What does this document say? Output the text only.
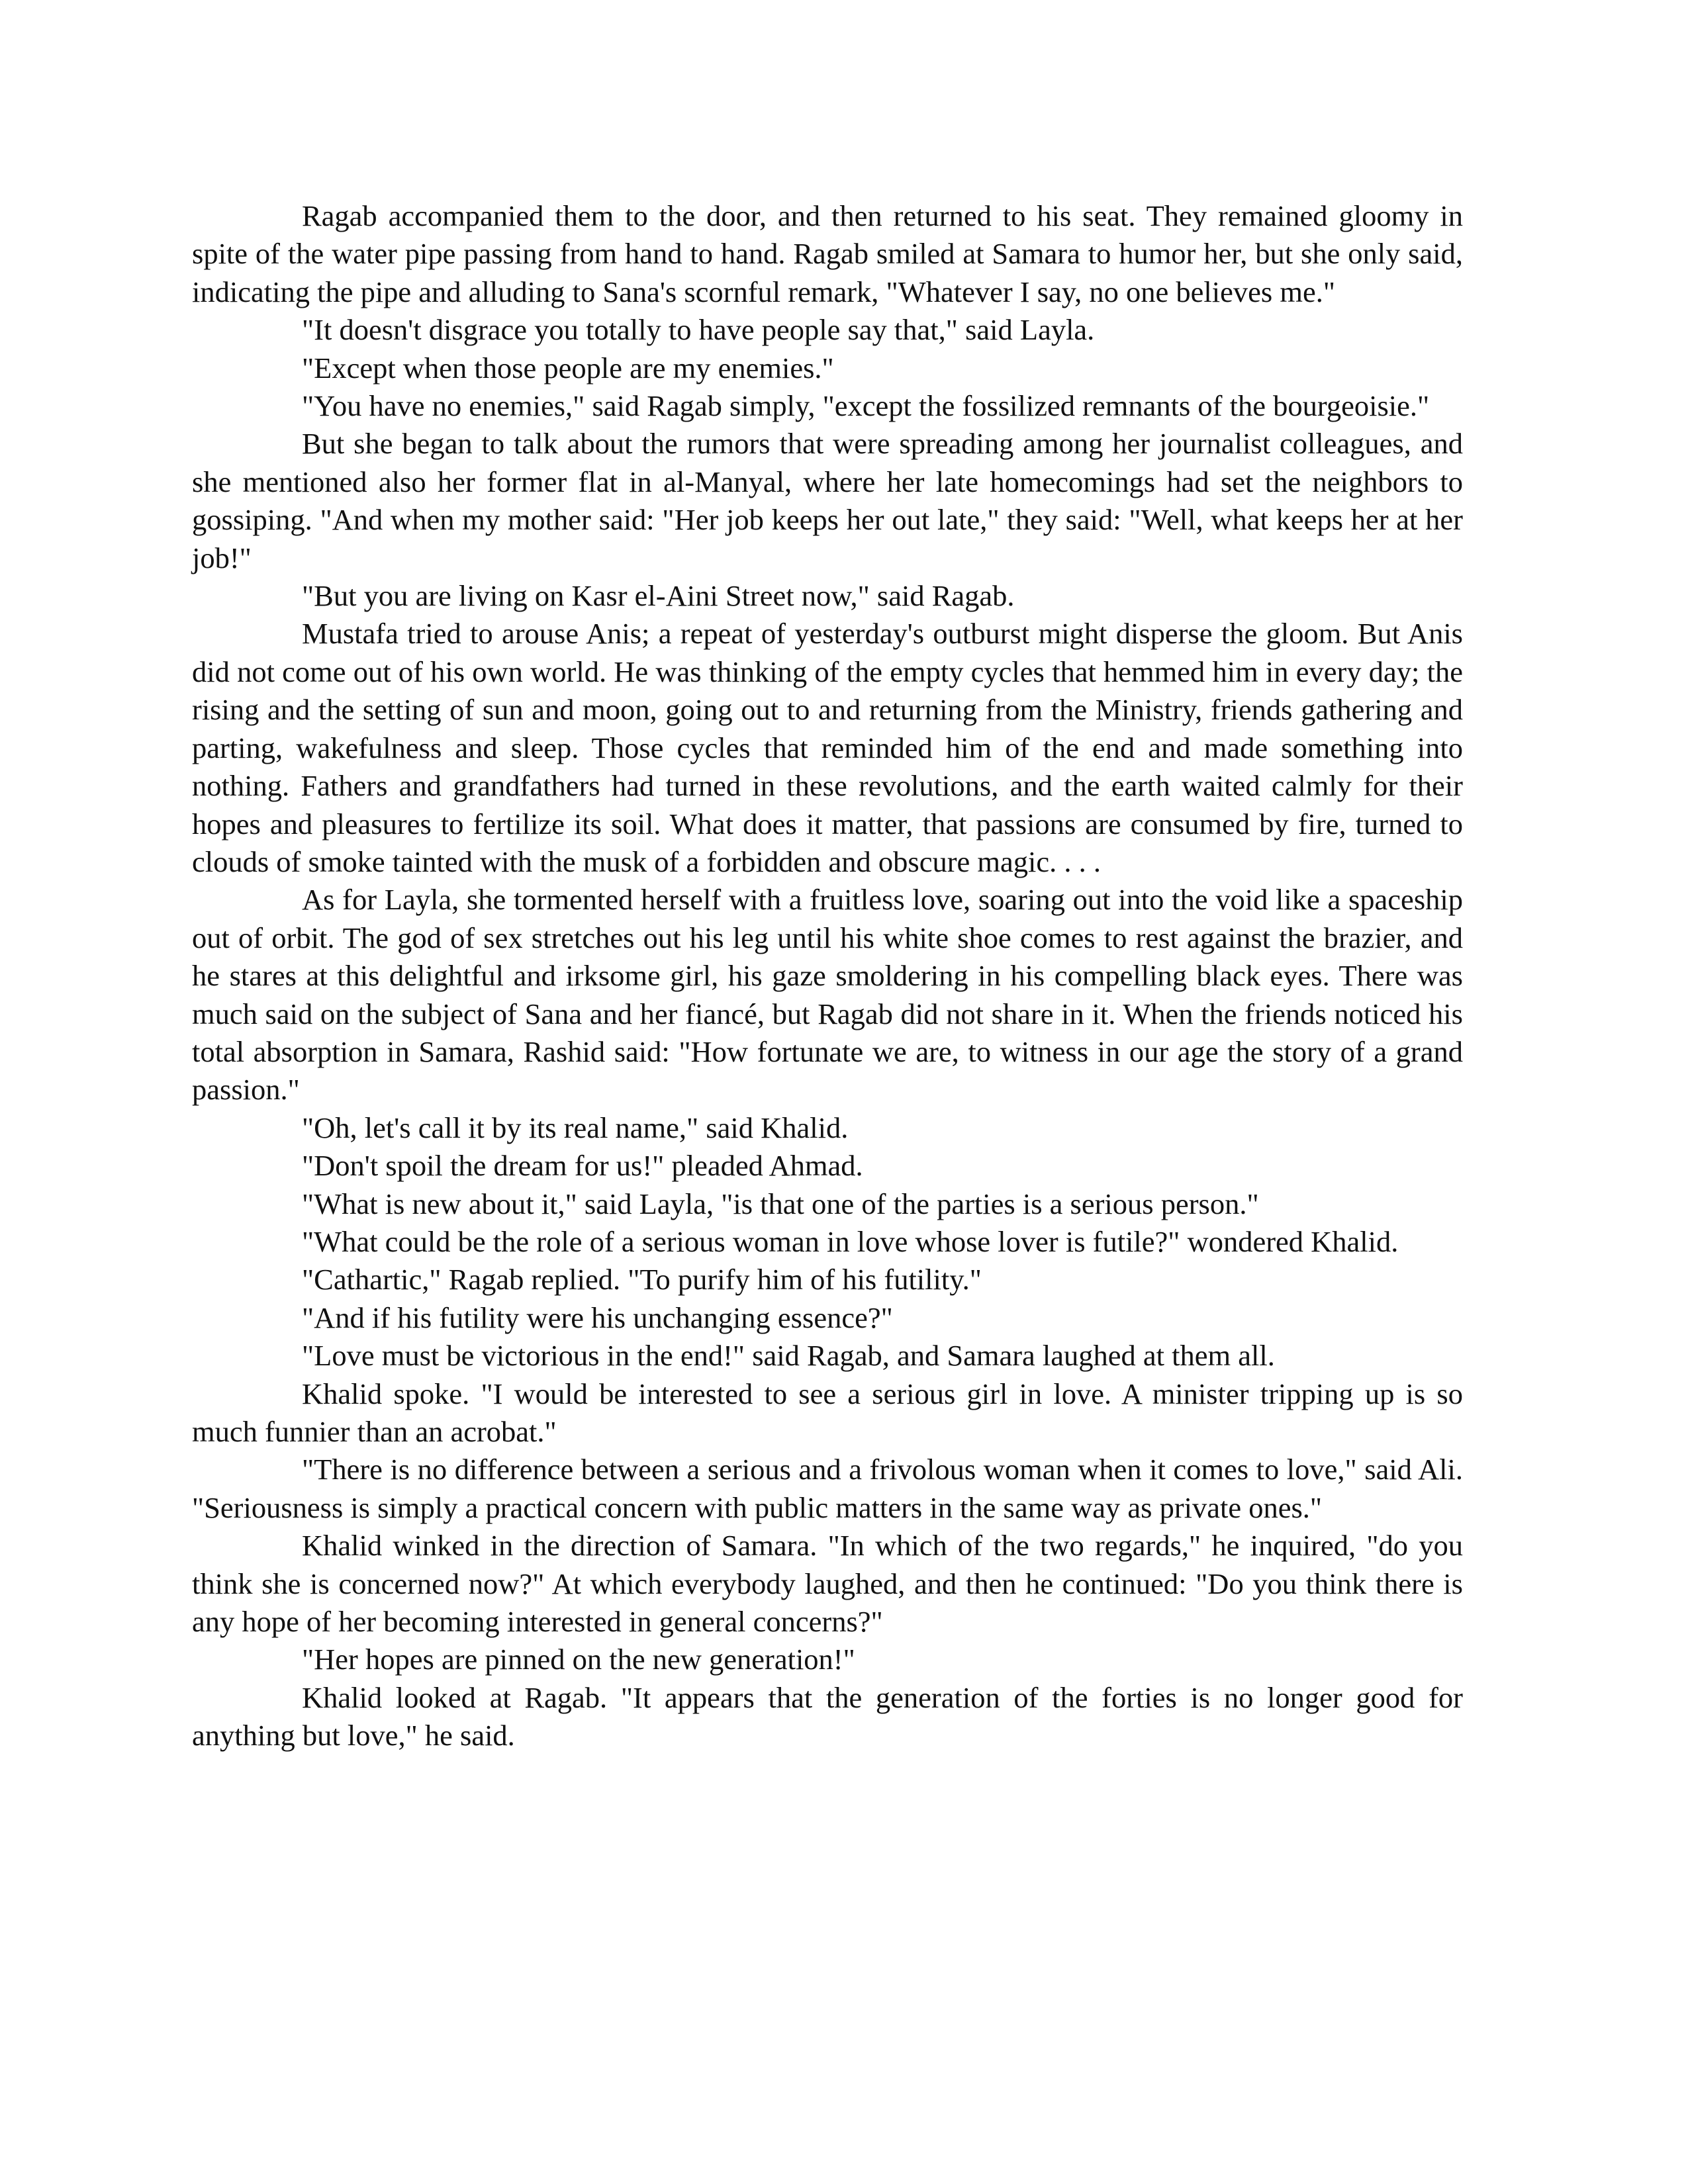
Ragab accompanied them to the door, and then returned to his seat. They remained gloomy in spite of the water pipe passing from hand to hand. Ragab smiled at Samara to humor her, but she only said, indicating the pipe and alluding to Sana's scornful remark, "Whatever I say, no one believes me."

"It doesn't disgrace you totally to have people say that," said Layla.

"Except when those people are my enemies."

"You have no enemies," said Ragab simply, "except the fossilized remnants of the bourgeoisie."

But she began to talk about the rumors that were spreading among her journalist colleagues, and she mentioned also her former flat in al-Manyal, where her late homecomings had set the neighbors to gossiping. "And when my mother said: "Her job keeps her out late," they said: "Well, what keeps her at her job!"

"But you are living on Kasr el-Aini Street now," said Ragab.

Mustafa tried to arouse Anis; a repeat of yesterday's outburst might disperse the gloom. But Anis did not come out of his own world. He was thinking of the empty cycles that hemmed him in every day; the rising and the setting of sun and moon, going out to and returning from the Ministry, friends gathering and parting, wakefulness and sleep. Those cycles that reminded him of the end and made something into nothing. Fathers and grandfathers had turned in these revolutions, and the earth waited calmly for their hopes and pleasures to fertilize its soil. What does it matter, that passions are consumed by fire, turned to clouds of smoke tainted with the musk of a forbidden and obscure magic. . . .

As for Layla, she tormented herself with a fruitless love, soaring out into the void like a spaceship out of orbit. The god of sex stretches out his leg until his white shoe comes to rest against the brazier, and he stares at this delightful and irksome girl, his gaze smoldering in his compelling black eyes. There was much said on the subject of Sana and her fiancé, but Ragab did not share in it. When the friends noticed his total absorption in Samara, Rashid said: "How fortunate we are, to witness in our age the story of a grand passion."

"Oh, let's call it by its real name," said Khalid.

"Don't spoil the dream for us!" pleaded Ahmad.

"What is new about it," said Layla, "is that one of the parties is a serious person."

"What could be the role of a serious woman in love whose lover is futile?" wondered Khalid.

"Cathartic," Ragab replied. "To purify him of his futility."

"And if his futility were his unchanging essence?"

"Love must be victorious in the end!" said Ragab, and Samara laughed at them all.

Khalid spoke. "I would be interested to see a serious girl in love. A minister tripping up is so much funnier than an acrobat."

"There is no difference between a serious and a frivolous woman when it comes to love," said Ali. "Seriousness is simply a practical concern with public matters in the same way as private ones."

Khalid winked in the direction of Samara. "In which of the two regards," he inquired, "do you think she is concerned now?" At which everybody laughed, and then he continued: "Do you think there is any hope of her becoming interested in general concerns?"

"Her hopes are pinned on the new generation!"

Khalid looked at Ragab. "It appears that the generation of the forties is no longer good for anything but love," he said.
